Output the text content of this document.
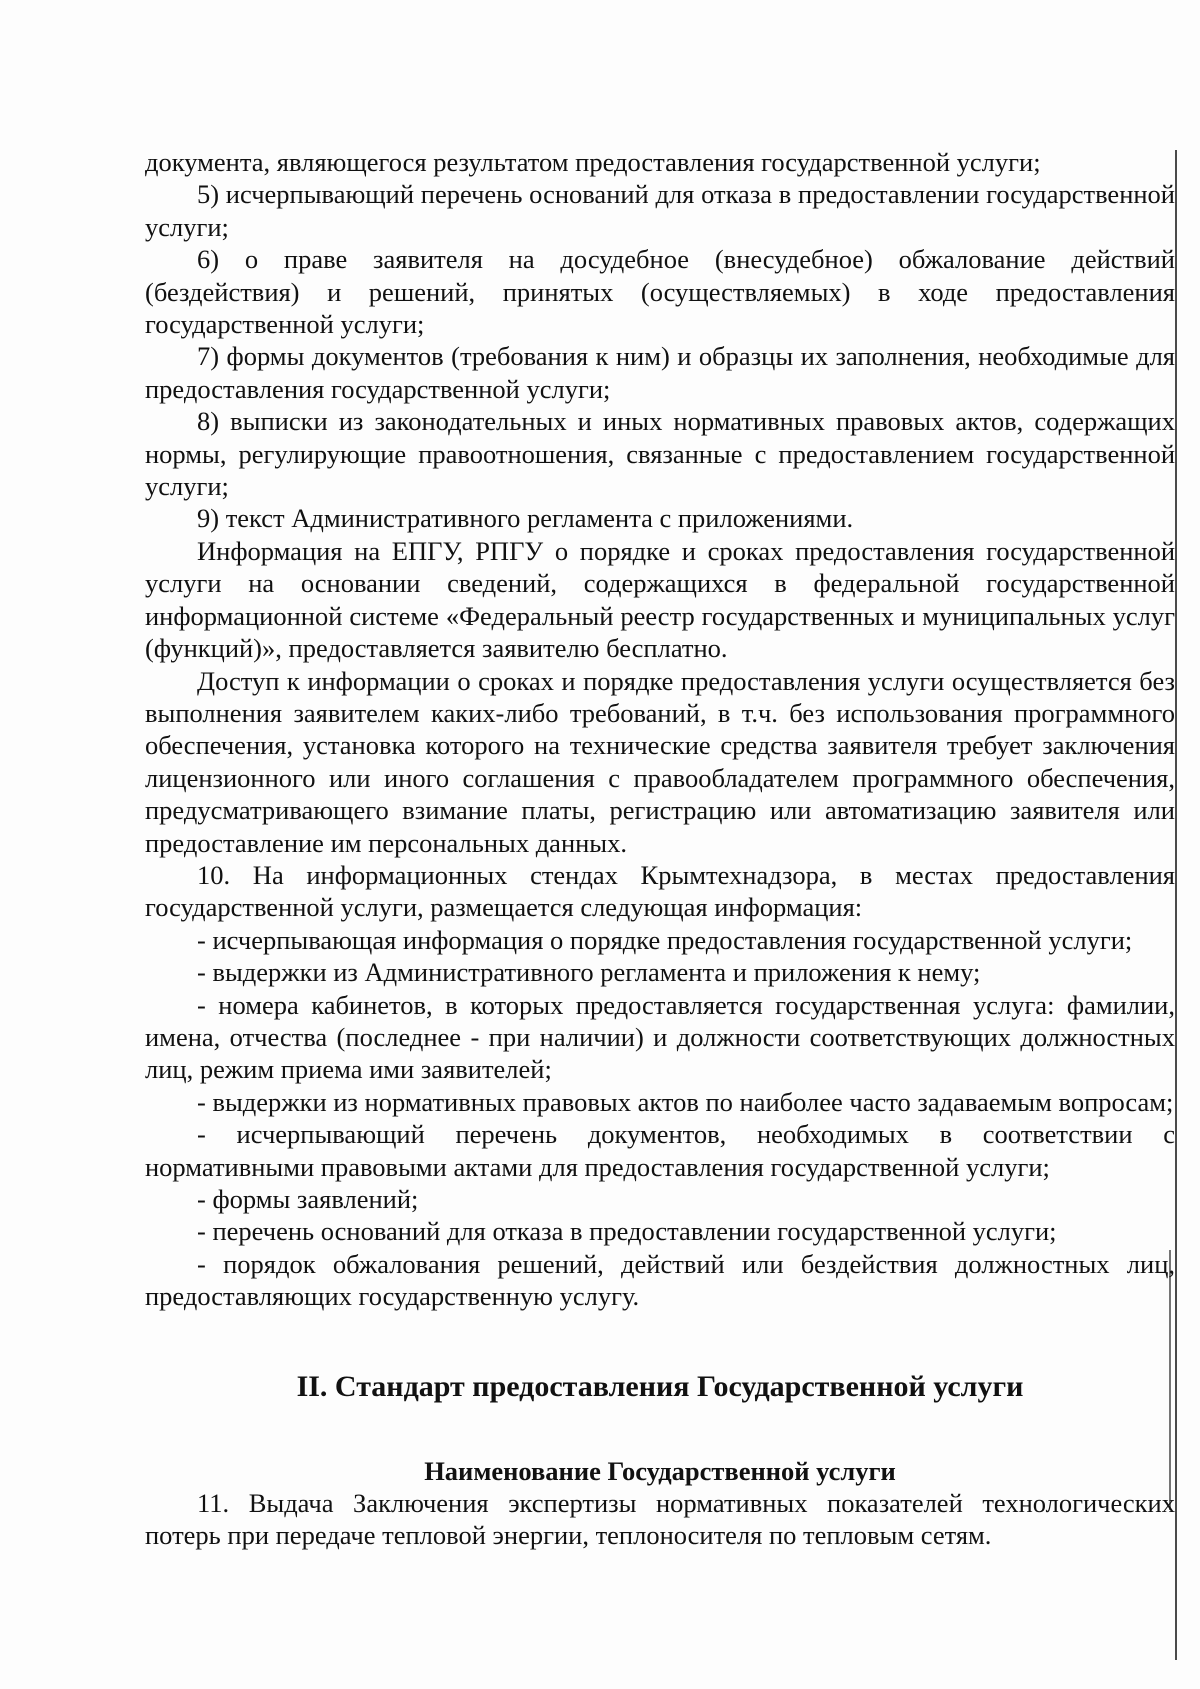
документа, являющегося результатом предоставления государственной услуги;

5) исчерпывающий перечень оснований для отказа в предоставлении государственной услуги;

6) о праве заявителя на досудебное (внесудебное) обжалование действий (бездействия) и решений, принятых (осуществляемых) в ходе предоставления государственной услуги;

7) формы документов (требования к ним) и образцы их заполнения, необходимые для предоставления государственной услуги;

8) выписки из законодательных и иных нормативных правовых актов, содержащих нормы, регулирующие правоотношения, связанные с предоставлением государственной услуги;

9) текст Административного регламента с приложениями.

Информация на ЕПГУ, РПГУ о порядке и сроках предоставления государственной услуги на основании сведений, содержащихся в федеральной государственной информационной системе «Федеральный реестр государственных и муниципальных услуг (функций)», предоставляется заявителю бесплатно.

Доступ к информации о сроках и порядке предоставления услуги осуществляется без выполнения заявителем каких-либо требований, в т.ч. без использования программного обеспечения, установка которого на технические средства заявителя требует заключения лицензионного или иного соглашения с правообладателем программного обеспечения, предусматривающего взимание платы, регистрацию или автоматизацию заявителя или предоставление им персональных данных.

10. На информационных стендах Крымтехнадзора, в местах предоставления государственной услуги, размещается следующая информация:

- исчерпывающая информация о порядке предоставления государственной услуги;

- выдержки из Административного регламента и приложения к нему;

- номера кабинетов, в которых предоставляется государственная услуга: фамилии, имена, отчества (последнее - при наличии) и должности соответствующих должностных лиц, режим приема ими заявителей;

- выдержки из нормативных правовых актов по наиболее часто задаваемым вопросам;

- исчерпывающий перечень документов, необходимых в соответствии с нормативными правовыми актами для предоставления государственной услуги;

- формы заявлений;

- перечень оснований для отказа в предоставлении государственной услуги;

- порядок обжалования решений, действий или бездействия должностных лиц, предоставляющих государственную услугу.

II. Стандарт предоставления Государственной услуги
Наименование Государственной услуги

11. Выдача Заключения экспертизы нормативных показателей технологических потерь при передаче тепловой энергии, теплоносителя по тепловым сетям.
